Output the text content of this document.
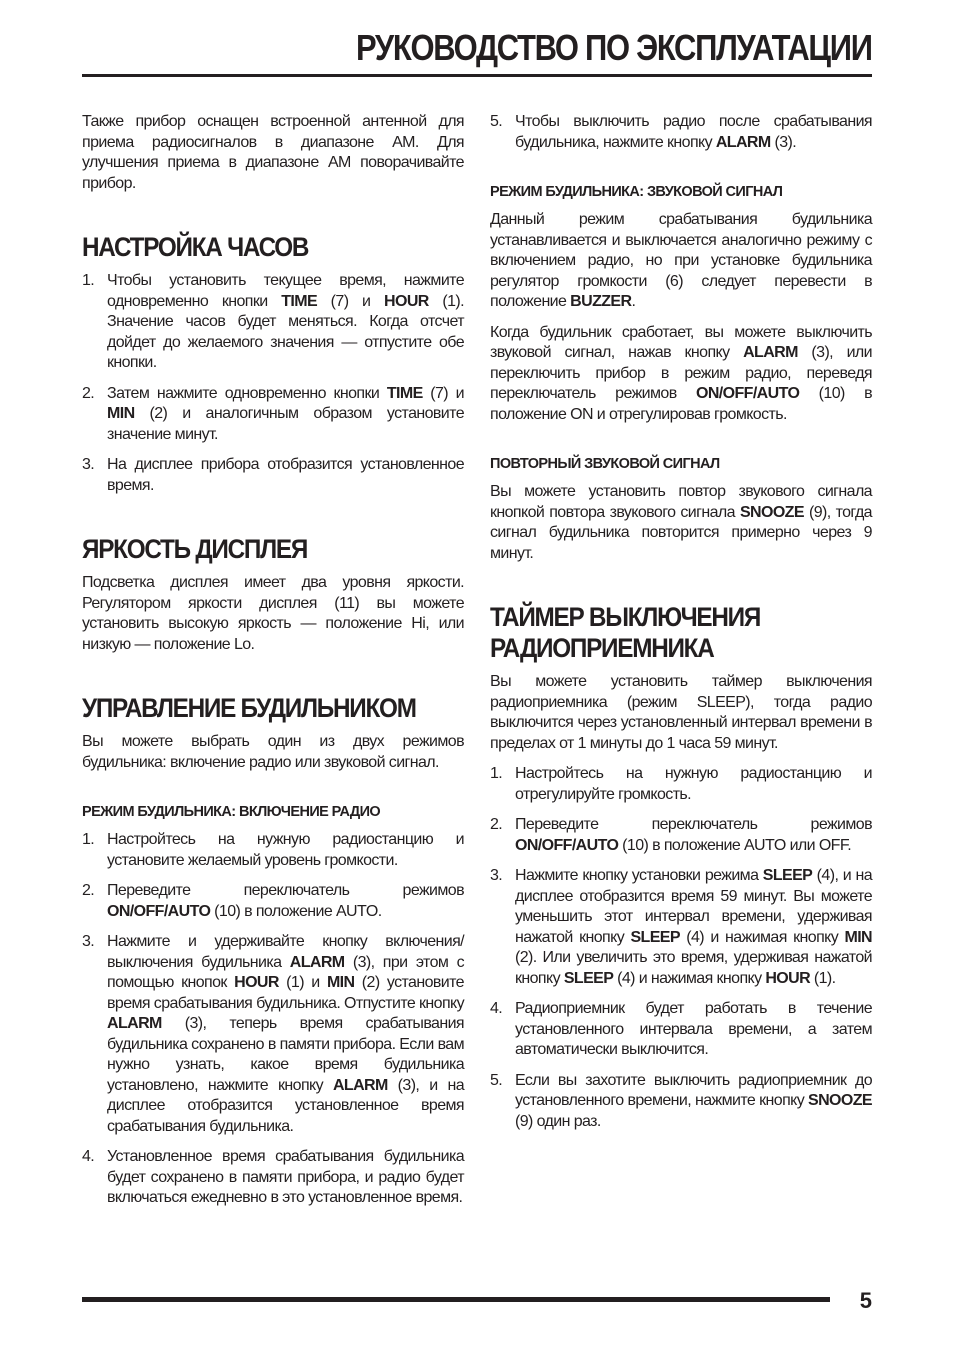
РУКОВОДСТВО ПО ЭКСПЛУАТАЦИИ

Также прибор оснащен встроенной антенной для приема радиосигналов в диапазоне AM. Для улучшения приема в диапазоне AM поворачивайте прибор.

НАСТРОЙКА ЧАСОВ
1. Чтобы установить текущее время, нажмите одновременно кнопки TIME (7) и HOUR (1). Значение часов будет меняться. Когда отсчет дойдет до желаемого значения — отпустите обе кнопки.
2. Затем нажмите одновременно кнопки TIME (7) и MIN (2) и аналогичным образом установите значение минут.
3. На дисплее прибора отобразится установленное время.
ЯРКОСТЬ ДИСПЛЕЯ

Подсветка дисплея имеет два уровня яркости. Регулятором яркости дисплея (11) вы можете установить высокую яркость — положение Hi, или низкую — положение Lo.

УПРАВЛЕНИЕ БУДИЛЬНИКОМ

Вы можете выбрать один из двух режимов будильника: включение радио или звуковой сигнал.

РЕЖИМ БУДИЛЬНИКА: ВКЛЮЧЕНИЕ РАДИО
1. Настройтесь на нужную радиостанцию и установите желаемый уровень громкости.
2. Переведите переключатель режимов ON/OFF/AUTO (10) в положение AUTO.
3. Нажмите и удерживайте кнопку включения/выключения будильника ALARM (3), при этом с помощью кнопок HOUR (1) и MIN (2) установите время срабатывания будильника. Отпустите кнопку ALARM (3), теперь время срабатывания будильника сохранено в памяти прибора. Если вам нужно узнать, какое время будильника установлено, нажмите кнопку ALARM (3), и на дисплее отобразится установленное время срабатывания будильника.
4. Установленное время срабатывания будильника будет сохранено в памяти прибора, и радио будет включаться ежедневно в это установленное время.
5. Чтобы выключить радио после срабатывания будильника, нажмите кнопку ALARM (3).
РЕЖИМ БУДИЛЬНИКА: ЗВУКОВОЙ СИГНАЛ

Данный режим срабатывания будильника устанавливается и выключается аналогично режиму с включением радио, но при установке будильника регулятор громкости (6) следует перевести в положение BUZZER.

Когда будильник сработает, вы можете выключить звуковой сигнал, нажав кнопку ALARM (3), или переключить прибор в режим радио, переведя переключатель режимов ON/OFF/AUTO (10) в положение ON и отрегулировав громкость.

ПОВТОРНЫЙ ЗВУКОВОЙ СИГНАЛ

Вы можете установить повтор звукового сигнала кнопкой повтора звукового сигнала SNOOZE (9), тогда сигнал будильника повторится примерно через 9 минут.

ТАЙМЕР ВЫКЛЮЧЕНИЯ РАДИОПРИЕМНИКА

Вы можете установить таймер выключения радиоприемника (режим SLEEP), тогда радио выключится через установленный интервал времени в пределах от 1 минуты до 1 часа 59 минут.

1. Настройтесь на нужную радиостанцию и отрегулируйте громкость.
2. Переведите переключатель режимов ON/OFF/AUTO (10) в положение AUTO или OFF.
3. Нажмите кнопку установки режима SLEEP (4), и на дисплее отобразится время 59 минут. Вы можете уменьшить этот интервал времени, удерживая нажатой кнопку SLEEP (4) и нажимая кнопку MIN (2). Или увеличить это время, удерживая нажатой кнопку SLEEP (4) и нажимая кнопку HOUR (1).
4. Радиоприемник будет работать в течение установленного интервала времени, а затем автоматически выключится.
5. Если вы захотите выключить радиоприемник до установленного времени, нажмите кнопку SNOOZE (9) один раз.
5
